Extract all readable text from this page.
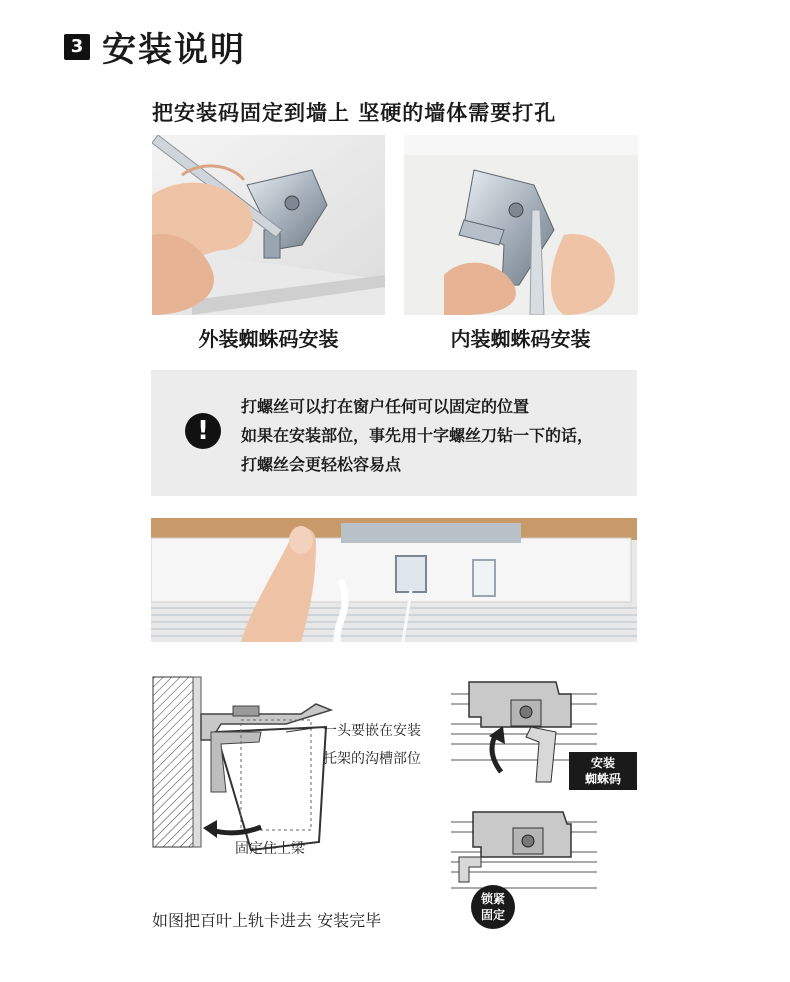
3 安装说明
把安装码固定到墙上 坚硬的墙体需要打孔
外装蜘蛛码安装	内装蜘蛛码安装
!
打螺丝可以打在窗户任何可以固定的位置
如果在安装部位，事先用十字螺丝刀钻一下的话，
打螺丝会更轻松容易点
一头要嵌在安装
托架的沟槽部位
固定住上梁
安装
蜘蛛码
锁紧
固定
如图把百叶上轨卡进去 安装完毕
